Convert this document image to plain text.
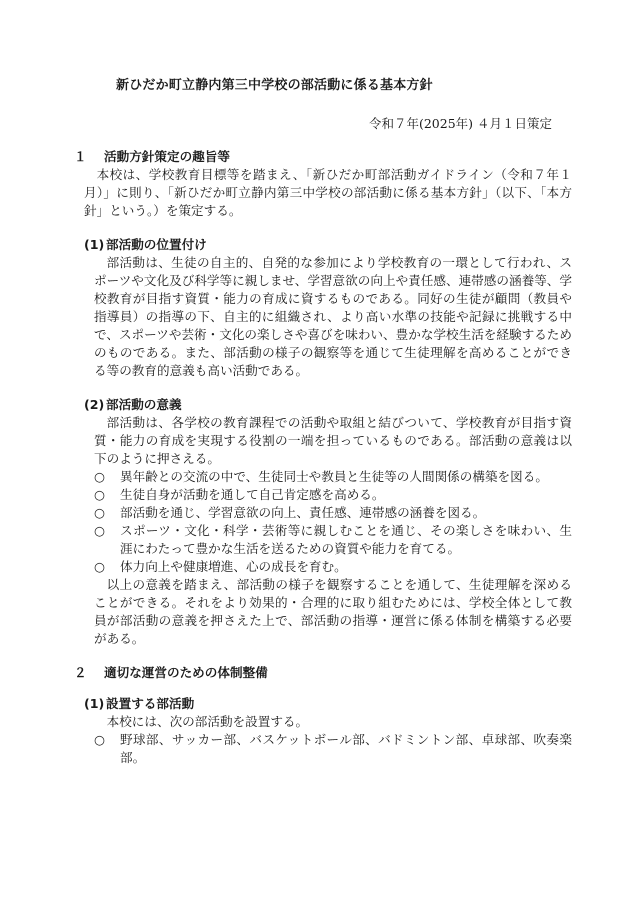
新ひだか町立静内第三中学校の部活動に係る基本方針
令和７年(2025年) ４月１日策定
１ 活動方針策定の趣旨等
本校は、学校教育目標等を踏まえ、「新ひだか町部活動ガイドライン（令和７年１月）」に則り、「新ひだか町立静内第三中学校の部活動に係る基本方針」（以下、「本方針」という。）を策定する。
(1) 部活動の位置付け
部活動は、生徒の自主的、自発的な参加により学校教育の一環として行われ、スポーツや文化及び科学等に親しませ、学習意欲の向上や責任感、連帯感の涵養等、学校教育が目指す資質・能力の育成に資するものである。同好の生徒が顧問（教員や指導員）の指導の下、自主的に組織され、より高い水準の技能や記録に挑戦する中で、スポーツや芸術・文化の楽しさや喜びを味わい、豊かな学校生活を経験するためのものである。また、部活動の様子の観察等を通じて生徒理解を高めることができる等の教育的意義も高い活動である。
(2) 部活動の意義
部活動は、各学校の教育課程での活動や取組と結びついて、学校教育が目指す資質・能力の育成を実現する役割の一端を担っているものである。部活動の意義は以下のように押さえる。
○	異年齢との交流の中で、生徒同士や教員と生徒等の人間関係の構築を図る。
○	生徒自身が活動を通して自己肯定感を高める。
○	部活動を通じ、学習意欲の向上、責任感、連帯感の涵養を図る。
○	スポーツ・文化・科学・芸術等に親しむことを通じ、その楽しさを味わい、生涯にわたって豊かな生活を送るための資質や能力を育てる。
○	体力向上や健康増進、心の成長を育む。
以上の意義を踏まえ、部活動の様子を観察することを通して、生徒理解を深めることができる。それをより効果的・合理的に取り組むためには、学校全体として教員が部活動の意義を押さえた上で、部活動の指導・運営に係る体制を構築する必要がある。
２ 適切な運営のための体制整備
(1) 設置する部活動
本校には、次の部活動を設置する。
○	野球部、サッカー部、バスケットボール部、バドミントン部、卓球部、吹奏楽部。
